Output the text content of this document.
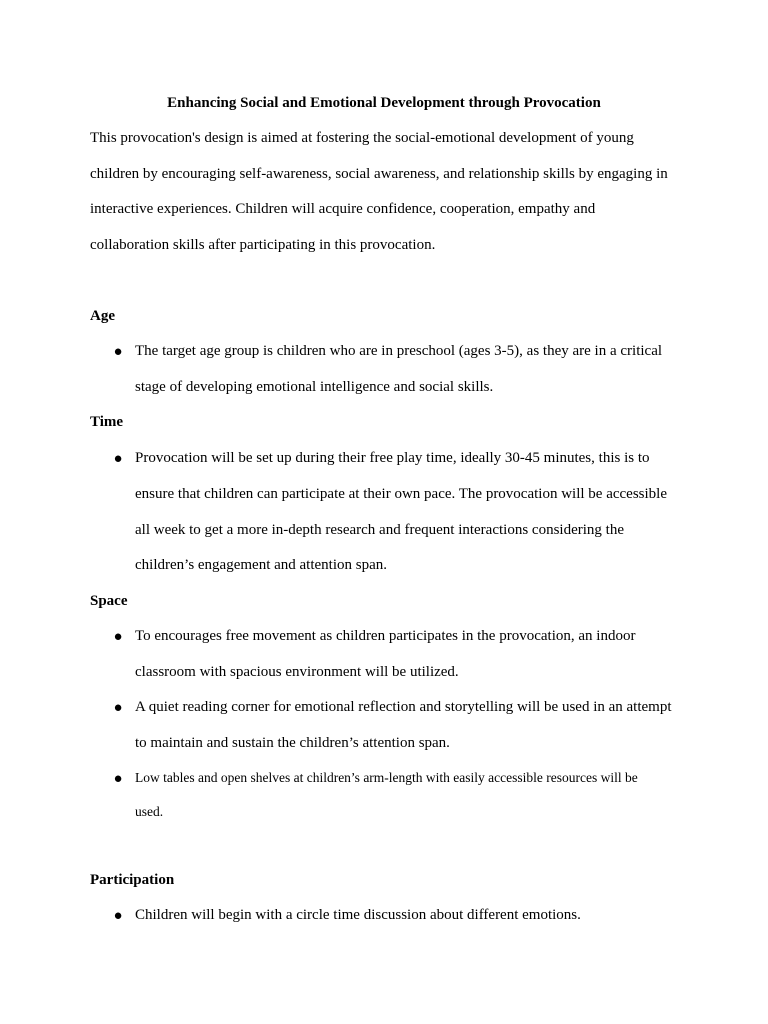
Enhancing Social and Emotional Development through Provocation
This provocation's design is aimed at fostering the social-emotional development of young
children by encouraging self-awareness, social awareness, and relationship skills by engaging in
interactive experiences. Children will acquire confidence, cooperation, empathy and
collaboration skills after participating in this provocation.
Age
● The target age group is children who are in preschool (ages 3-5), as they are in a critical
stage of developing emotional intelligence and social skills.
Time
● Provocation will be set up during their free play time, ideally 30-45 minutes, this is to
ensure that children can participate at their own pace. The provocation will be accessible
all week to get a more in-depth research and frequent interactions considering the
children’s engagement and attention span.
Space
● To encourages free movement as children participates in the provocation, an indoor
classroom with spacious environment will be utilized.
● A quiet reading corner for emotional reflection and storytelling will be used in an attempt
to maintain and sustain the children’s attention span.
● Low tables and open shelves at children’s arm-length with easily accessible resources will be
used.
Participation
● Children will begin with a circle time discussion about different emotions.
